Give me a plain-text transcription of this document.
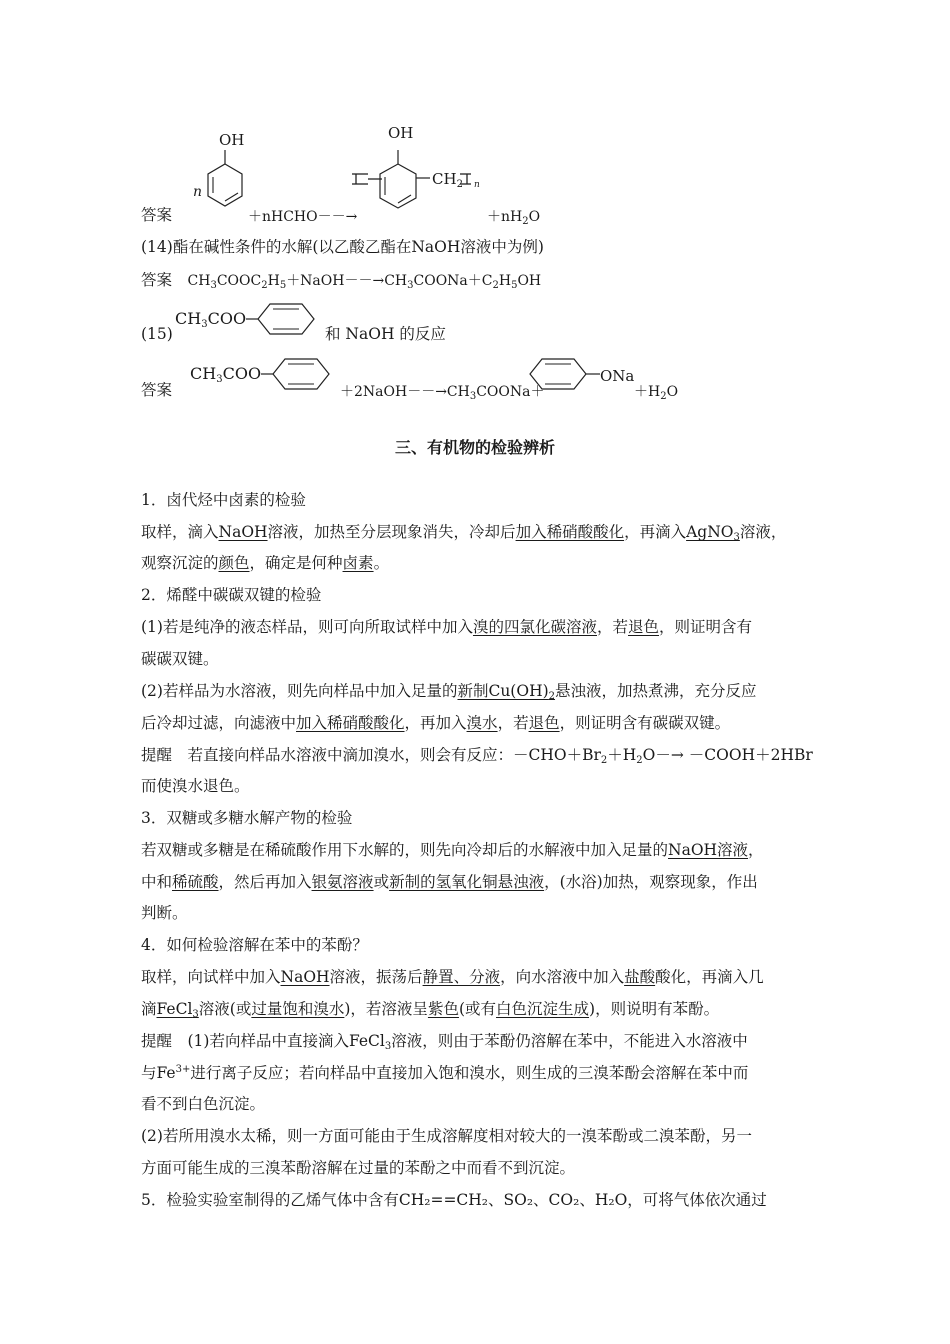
OH
n
答案	＋nHCHO－－→
OH
$CH_2$ n
$+nH_2O$
(14)酯在碱性条件的水解(以乙酸乙酯在NaOH溶液中为例)
答案　 $CH_3COOC_2H_5+NaOH--\to CH_3COONa+C_2H_5OH$
(15)
$CH_3COO$
和 NaOH 的反应
答案
$CH_3COO$
$+2NaOH--\to CH_3COONa+$
ONa
$+H_2O$
三、有机物的检验辨析
1．卤代烃中卤素的检验
取样，滴入NaOH溶液，加热至分层现象消失，冷却后加入稀硝酸酸化，再滴入AgNO$_3$溶液，
观察沉淀的颜色，确定是何种卤素。
2．烯醛中碳碳双键的检验
(1)若是纯净的液态样品，则可向所取试样中加入溴的四氯化碳溶液，若退色，则证明含有
碳碳双键。
(2)若样品为水溶液，则先向样品中加入足量的新制$Cu(OH)_2$悬浊液，加热煮沸，充分反应
后冷却过滤，向滤液中加入稀硝酸酸化，再加入溴水，若退色，则证明含有碳碳双键。
提醒　若直接向样品水溶液中滴加溴水，则会有反应：$-CHO+Br_2+H_2O-\to$ －COOH＋2HBr
而使溴水退色。
3．双糖或多糖水解产物的检验
若双糖或多糖是在稀硫酸作用下水解的，则先向冷却后的水解液中加入足量的NaOH溶液，
中和稀硫酸，然后再加入银氨溶液或新制的氢氧化铜悬浊液，(水浴)加热，观察现象，作出
判断。
4．如何检验溶解在苯中的苯酚？
取样，向试样中加入NaOH溶液，振荡后静置、分液，向水溶液中加入盐酸酸化，再滴入几
滴FeCl$_3$溶液(或过量饱和溴水)，若溶液呈紫色(或有白色沉淀生成)，则说明有苯酚。
提醒　(1)若向样品中直接滴入FeCl$_3$溶液，则由于苯酚仍溶解在苯中，不能进入水溶液中
与$Fe^{3+}$进行离子反应；若向样品中直接加入饱和溴水，则生成的三溴苯酚会溶解在苯中而
看不到白色沉淀。
(2)若所用溴水太稀，则一方面可能由于生成溶解度相对较大的一溴苯酚或二溴苯酚，另一
方面可能生成的三溴苯酚溶解在过量的苯酚之中而看不到沉淀。
5．检验实验室制得的乙烯气体中含有CH₂==CH₂、SO₂、CO₂、H₂O，可将气体依次通过
